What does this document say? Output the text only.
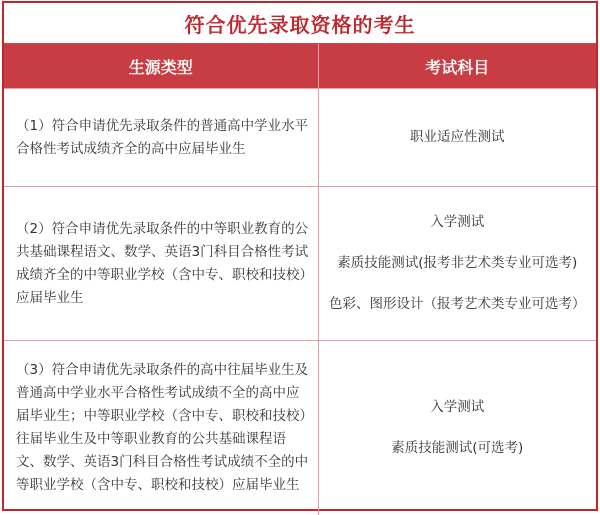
符合优先录取资格的考生
生源类型	考试科目
（1）符合申请优先录取条件的普通高中学业水平合格性考试成绩齐全的高中应届毕业生	职业适应性测试

（2）符合申请优先录取条件的中等职业教育的公共基础课程语文、数学、英语3门科目合格性考试成绩齐全的中等职业学校（含中专、职校和技校）应届毕业生	入学测试
素质技能测试(报考非艺术类专业可选考)
色彩、图形设计（报考艺术类专业可选考）

（3）符合申请优先录取条件的高中往届毕业生及普通高中学业水平合格性考试成绩不全的高中应届毕业生；中等职业学校（含中专、职校和技校）往届毕业生及中等职业教育的公共基础课程语文、数学、英语3门科目合格性考试成绩不全的中等职业学校（含中专、职校和技校）应届毕业生	入学测试
素质技能测试(可选考)
